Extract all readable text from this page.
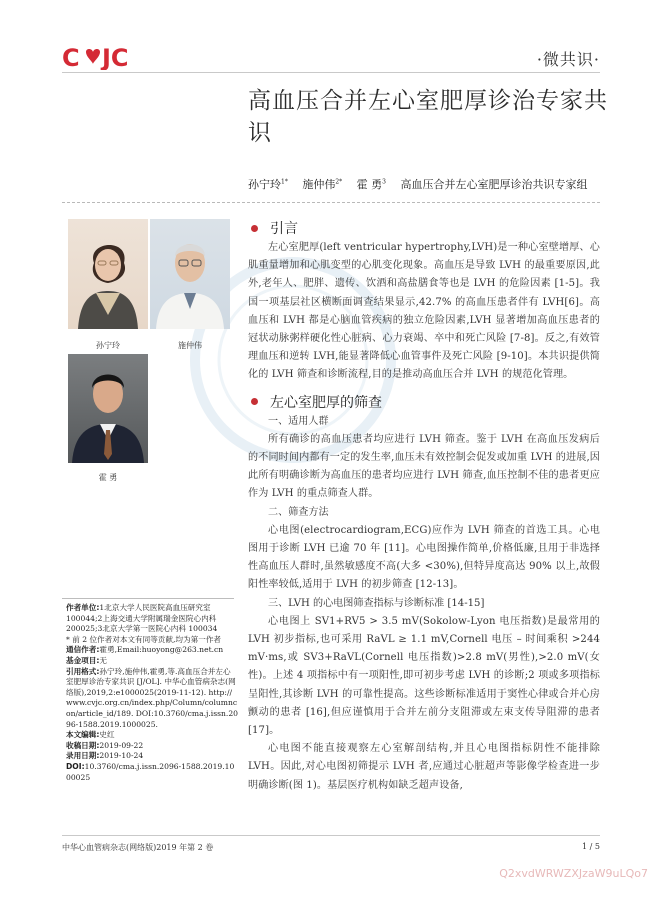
C JC	·微共识·
高血压合并左心室肥厚诊治专家共识
孙宁玲$^{1*}$ 施仲伟$^{2*}$ 霍 勇$^3$ 高血压合并左心室肥厚诊治共识专家组
孙宁玲	施仲伟
霍 勇

作者单位:1北京大学人民医院高血压研究室 100044;2上海交通大学附属瑞金医院心内科 200025;3北京大学第一医院心内科 100034

* 前 2 位作者对本文有同等贡献,均为第一作者

通信作者:霍勇,Email:huoyong@263.net.cn

基金项目:无

引用格式:孙宁玲,施仲伟,霍勇,等.高血压合并左心室肥厚诊治专家共识 [J/OL]. 中华心血管病杂志(网络版),2019,2:e1000025(2019-11-12). http://www.cvjc.org.cn/index.php/Column/columncon/article_id/189. DOI:10.3760/cma.j.issn.2096-1588.2019.1000025.

本文编辑:史红

收稿日期:2019-09-22

录用日期:2019-10-24

DOI:10.3760/cma.j.issn.2096-1588.2019.1000025

引言

左心室肥厚(left ventricular hypertrophy,LVH)是一种心室壁增厚、心肌重量增加和心肌变型的心肌变化现象。高血压是导致 LVH 的最重要原因,此外,老年人、肥胖、遗传、饮酒和高盐膳食等也是 LVH 的危险因素 [1-5]。我国一项基层社区横断面调查结果显示,42.7% 的高血压患者伴有 LVH[6]。高血压和 LVH 都是心脑血管疾病的独立危险因素,LVH 显著增加高血压患者的冠状动脉粥样硬化性心脏病、心力衰竭、卒中和死亡风险 [7-8]。反之,有效管理血压和逆转 LVH,能显著降低心血管事件及死亡风险 [9-10]。本共识提供简化的 LVH 筛查和诊断流程,目的是推动高血压合并 LVH 的规范化管理。

左心室肥厚的筛查

一、适用人群

所有确诊的高血压患者均应进行 LVH 筛查。鉴于 LVH 在高血压发病后的不同时间内都有一定的发生率,血压未有效控制会促发或加重 LVH 的进展,因此所有明确诊断为高血压的患者均应进行 LVH 筛查,血压控制不佳的患者更应作为 LVH 的重点筛查人群。

二、筛查方法

心电图(electrocardiogram,ECG)应作为 LVH 筛查的首选工具。心电图用于诊断 LVH 已逾 70 年 [11]。心电图操作简单,价格低廉,且用于非选择性高血压人群时,虽然敏感度不高(大多 <30%),但特异度高达 90% 以上,故假阳性率较低,适用于 LVH 的初步筛查 [12-13]。

三、LVH 的心电图筛查指标与诊断标准 [14-15]

心电图上 SV1+RV5 > 3.5 mV(Sokolow-Lyon 电压指数)是最常用的 LVH 初步指标,也可采用 RaVL ≥ 1.1 mV,Cornell 电压 – 时间乘积 >244 mV·ms,或 SV3+RaVL(Cornell 电压指数)>2.8 mV(男性),>2.0 mV(女性)。上述 4 项指标中有一项阳性,即可初步考虑 LVH 的诊断;2 项或多项指标呈阳性,其诊断 LVH 的可靠性提高。这些诊断标准适用于窦性心律或合并心房颤动的患者 [16],但应谨慎用于合并左前分支阻滞或左束支传导阻滞的患者 [17]。

心电图不能直接观察左心室解剖结构,并且心电图指标阴性不能排除 LVH。因此,对心电图初筛提示 LVH 者,应通过心脏超声等影像学检查进一步明确诊断(图 1)。基层医疗机构如缺乏超声设备,

中华心血管病杂志(网络版)2019 年第 2 卷	1 / 5
Q2xvdWRWZXJzaW9uLQo7
